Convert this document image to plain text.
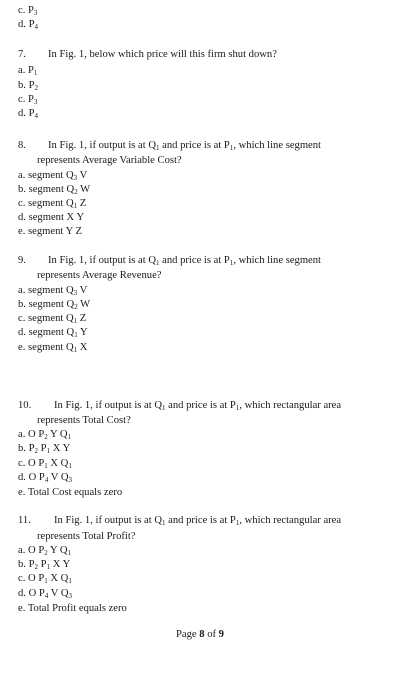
c. $P_3$
d. $P_4$
7. In Fig. 1, below which price will this firm shut down?
a. $P_1$
b. $P_2$
c. $P_3$
d. $P_4$
8. In Fig. 1, if output is at $Q_1$ and price is at $P_1$, which line segment
represents Average Variable Cost?
a. segment $Q_3$ V
b. segment $Q_2$ W
c. segment $Q_1$ Z
d. segment X Y
e. segment Y Z
9. In Fig. 1, if output is at $Q_1$ and price is at $P_1$, which line segment
represents Average Revenue?
a. segment $Q_3$ V
b. segment $Q_2$ W
c. segment $Q_1$ Z
d. segment $Q_1$ Y
e. segment $Q_1$ X
10. In Fig. 1, if output is at $Q_1$ and price is at $P_1$, which rectangular area
represents Total Cost?
a. O $P_2$ Y $Q_1$
b. $P_2$ $P_1$ X Y
c. O $P_1$ X $Q_1$
d. O $P_4$ V $Q_3$
e. Total Cost equals zero
11. In Fig. 1, if output is at $Q_1$ and price is at $P_1$, which rectangular area
represents Total Profit?
a. O $P_2$ Y $Q_1$
b. $P_2$ $P_1$ X Y
c. O $P_1$ X $Q_1$
d. O $P_4$ V $Q_3$
e. Total Profit equals zero
Page 8 of 9
